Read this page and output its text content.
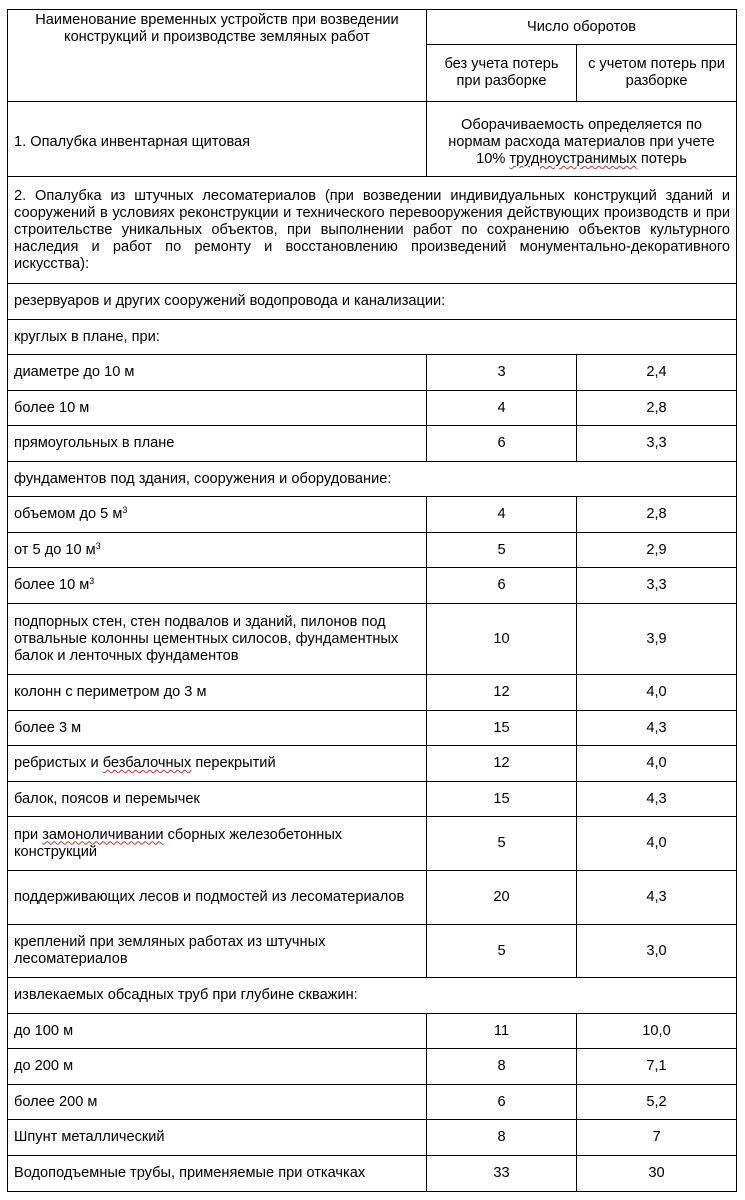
Наименование временных устройств при возведении конструкций и производстве земляных работ	Число оборотов	
	без учета потерь при разборке	с учетом потерь при разборке
1. Опалубка инвентарная щитовая	Оборачиваемость определяется по нормам расхода материалов при учете 10% трудноустранимых потерь	
2. Опалубка из штучных лесоматериалов (при возведении индивидуальных конструкций зданий и сооружений в условиях реконструкции и технического перевооружения действующих производств и при строительстве уникальных объектов, при выполнении работ по сохранению объектов культурного наследия и работ по ремонту и восстановлению произведений монументально-декоративного искусства):		
резервуаров и других сооружений водопровода и канализации:		
круглых в плане, при:		
диаметре до 10 м	3	2,4
более 10 м	4	2,8
прямоугольных в плане	6	3,3
фундаментов под здания, сооружения и оборудование:		
объемом до 5 $м^3$	4	2,8
от 5 до 10 $м^3$	5	2,9
более 10 $м^3$	6	3,3
подпорных стен, стен подвалов и зданий, пилонов под отвальные колонны цементных силосов, фундаментных балок и ленточных фундаментов	10	3,9
колонн с периметром до 3 м	12	4,0
более 3 м	15	4,3
ребристых и безбалочных перекрытий	12	4,0
балок, поясов и перемычек	15	4,3
при замоноличивании сборных железобетонных конструкций	5	4,0
поддерживающих лесов и подмостей из лесоматериалов	20	4,3
креплений при земляных работах из штучных лесоматериалов	5	3,0
извлекаемых обсадных труб при глубине скважин:		
до 100 м	11	10,0
до 200 м	8	7,1
более 200 м	6	5,2
Шпунт металлический	8	7
Водоподъемные трубы, применяемые при откачках	33	30
